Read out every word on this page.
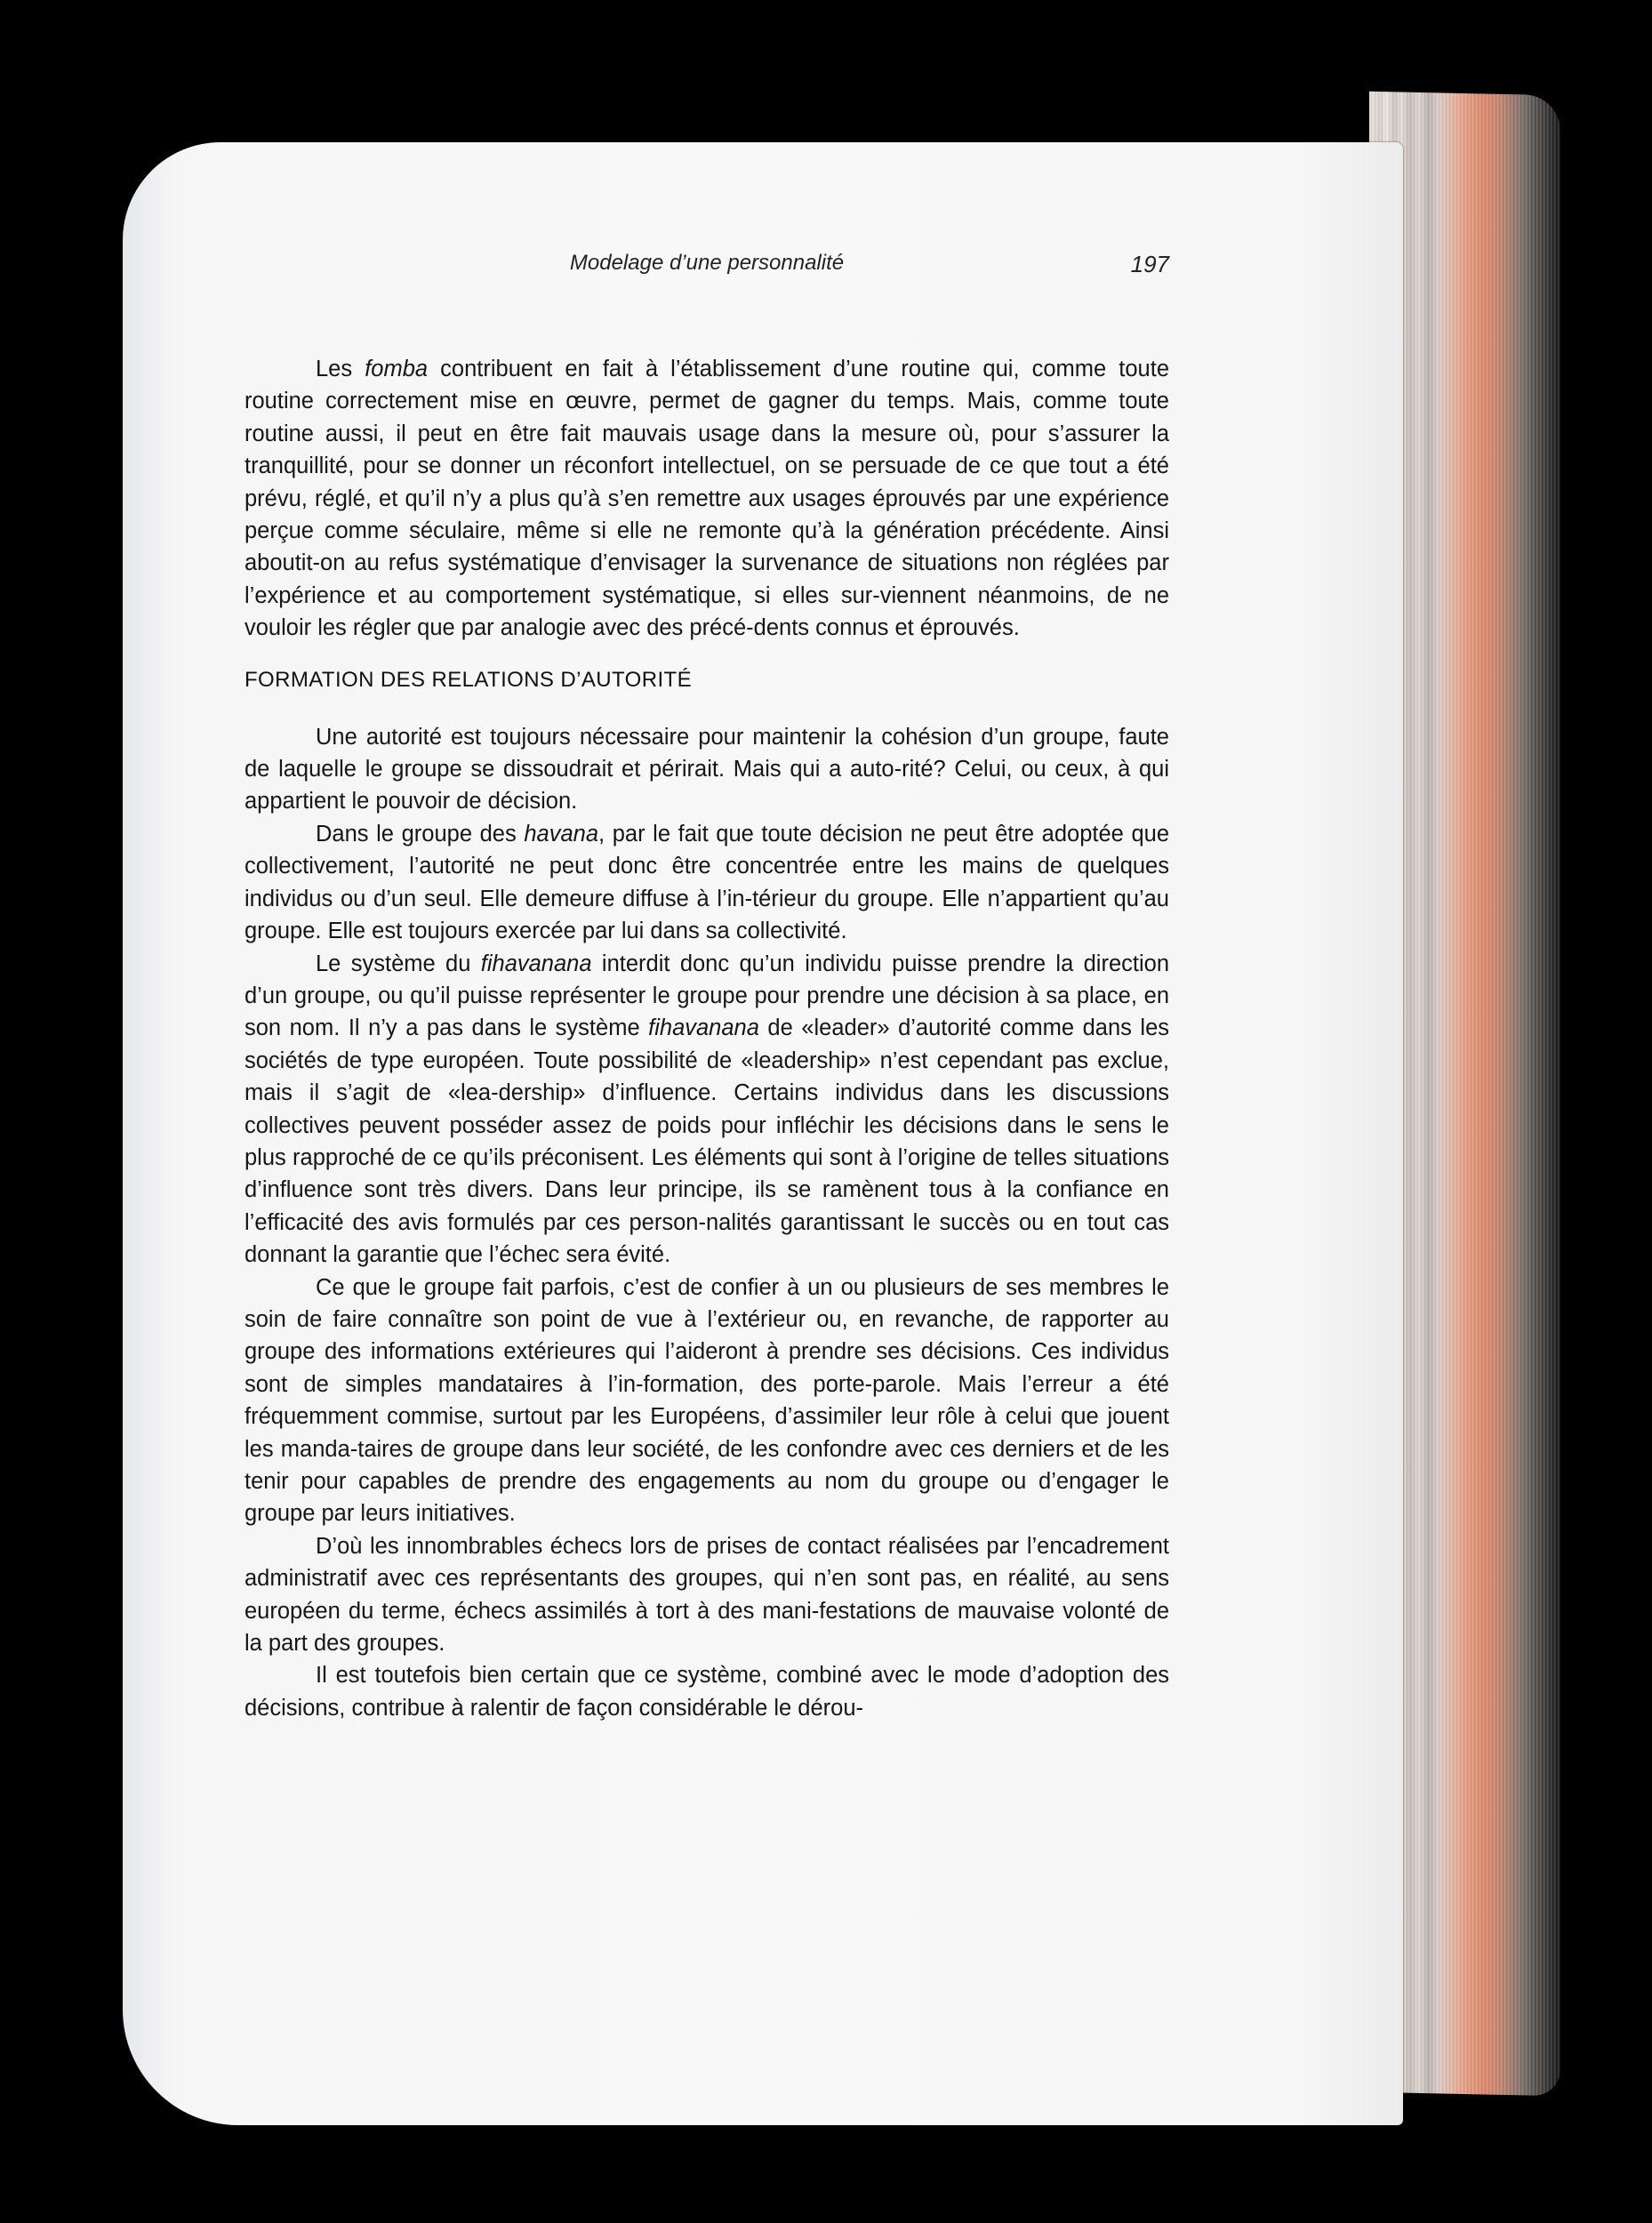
Modelage d’une personnalité	197

Les fomba contribuent en fait à l’établissement d’une routine qui, comme toute routine correctement mise en œuvre, permet de gagner du temps. Mais, comme toute routine aussi, il peut en être fait mauvais usage dans la mesure où, pour s’assurer la tranquillité, pour se donner un réconfort intellectuel, on se persuade de ce que tout a été prévu, réglé, et qu’il n’y a plus qu’à s’en remettre aux usages éprouvés par une expérience perçue comme séculaire, même si elle ne remonte qu’à la génération précédente. Ainsi aboutit-on au refus systématique d’envisager la survenance de situations non réglées par l’expérience et au comportement systématique, si elles sur-viennent néanmoins, de ne vouloir les régler que par analogie avec des précé-dents connus et éprouvés.

FORMATION DES RELATIONS D’AUTORITÉ

Une autorité est toujours nécessaire pour maintenir la cohésion d’un groupe, faute de laquelle le groupe se dissoudrait et périrait. Mais qui a auto-rité? Celui, ou ceux, à qui appartient le pouvoir de décision.

Dans le groupe des havana, par le fait que toute décision ne peut être adoptée que collectivement, l’autorité ne peut donc être concentrée entre les mains de quelques individus ou d’un seul. Elle demeure diffuse à l’in-térieur du groupe. Elle n’appartient qu’au groupe. Elle est toujours exercée par lui dans sa collectivité.

Le système du fihavanana interdit donc qu’un individu puisse prendre la direction d’un groupe, ou qu’il puisse représenter le groupe pour prendre une décision à sa place, en son nom. Il n’y a pas dans le système fihavanana de «leader» d’autorité comme dans les sociétés de type européen. Toute possibilité de «leadership» n’est cependant pas exclue, mais il s’agit de «lea-dership» d’influence. Certains individus dans les discussions collectives peuvent posséder assez de poids pour infléchir les décisions dans le sens le plus rapproché de ce qu’ils préconisent. Les éléments qui sont à l’origine de telles situations d’influence sont très divers. Dans leur principe, ils se ramènent tous à la confiance en l’efficacité des avis formulés par ces person-nalités garantissant le succès ou en tout cas donnant la garantie que l’échec sera évité.

Ce que le groupe fait parfois, c’est de confier à un ou plusieurs de ses membres le soin de faire connaître son point de vue à l’extérieur ou, en revanche, de rapporter au groupe des informations extérieures qui l’aideront à prendre ses décisions. Ces individus sont de simples mandataires à l’in-formation, des porte-parole. Mais l’erreur a été fréquemment commise, surtout par les Européens, d’assimiler leur rôle à celui que jouent les manda-taires de groupe dans leur société, de les confondre avec ces derniers et de les tenir pour capables de prendre des engagements au nom du groupe ou d’engager le groupe par leurs initiatives.

D’où les innombrables échecs lors de prises de contact réalisées par l’encadrement administratif avec ces représentants des groupes, qui n’en sont pas, en réalité, au sens européen du terme, échecs assimilés à tort à des mani-festations de mauvaise volonté de la part des groupes.

Il est toutefois bien certain que ce système, combiné avec le mode d’adoption des décisions, contribue à ralentir de façon considérable le dérou-
